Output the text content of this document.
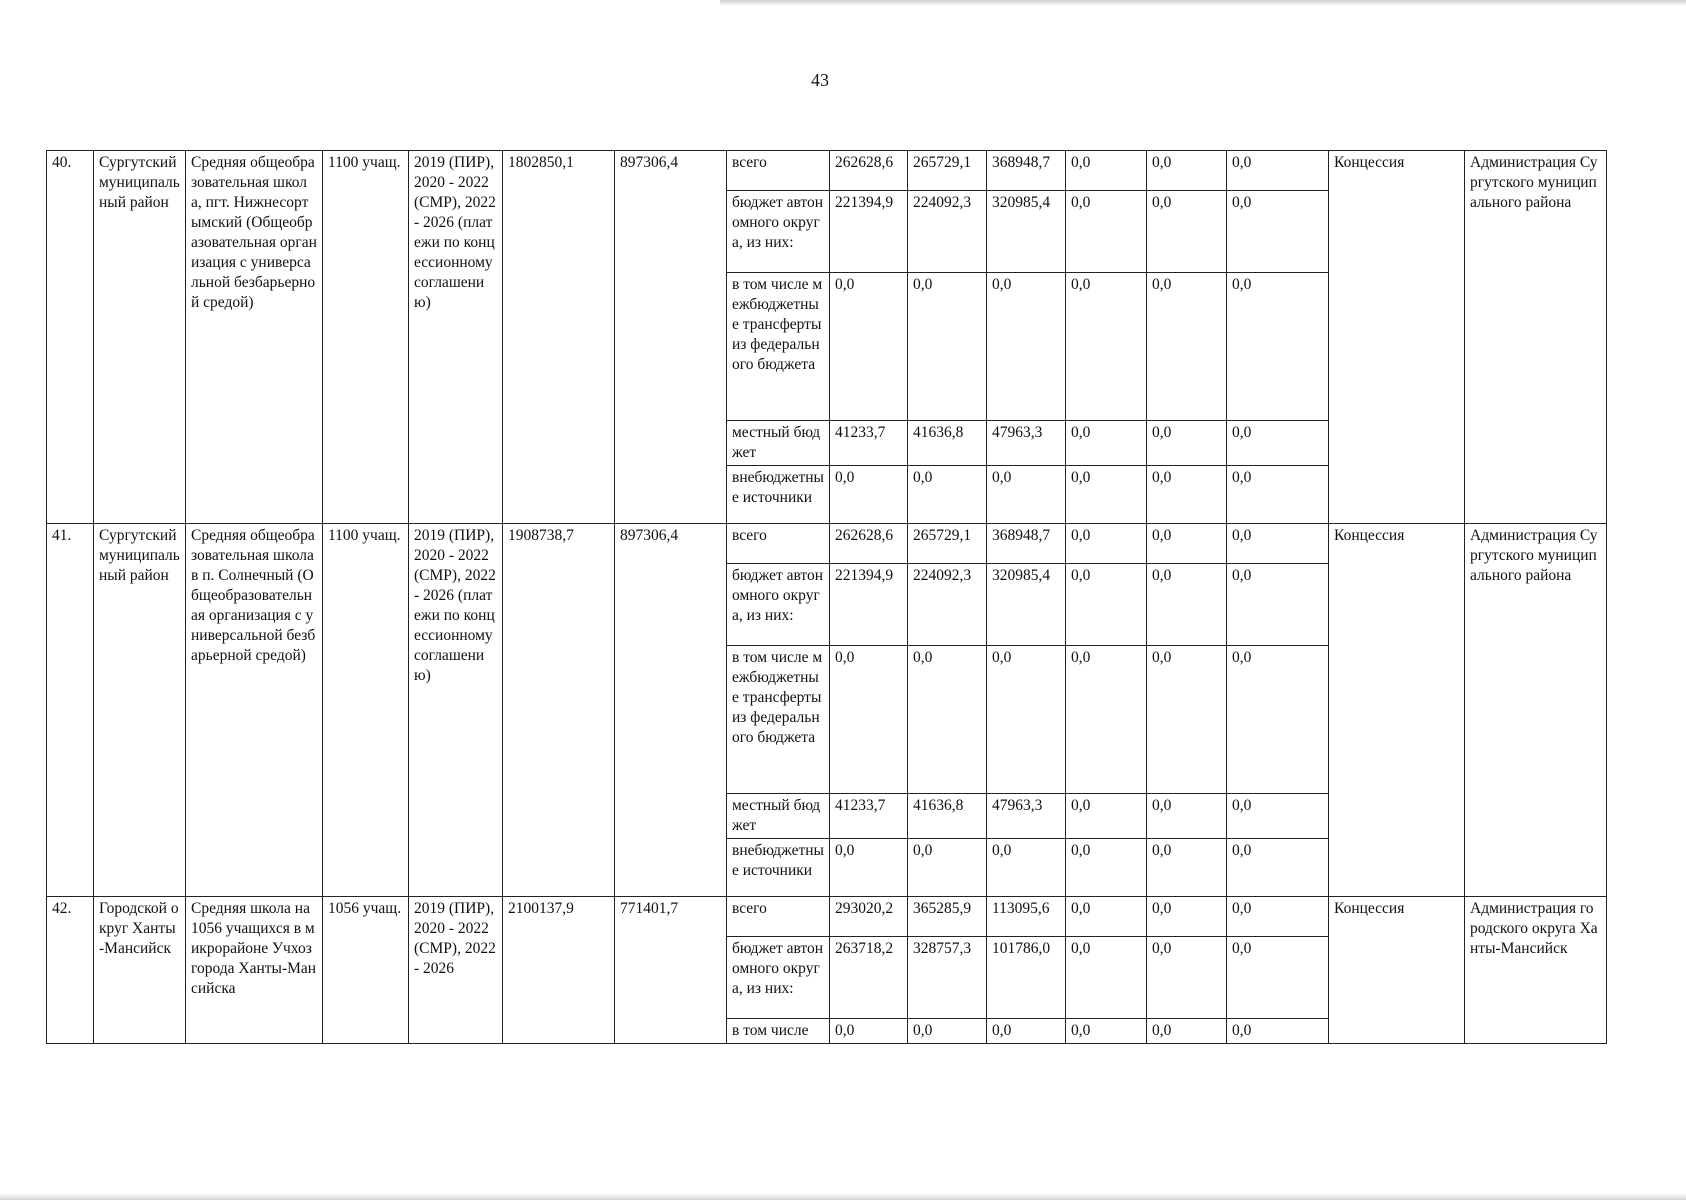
43
40.	Сургутский муниципальный район	Средняя общеобразовательная школа, пгт. Нижнесортымский (Общеобразовательная организация с универсальной безбарьерной средой)	1100 учащ.	2019 (ПИР), 2020 - 2022 (СМР), 2022 - 2026 (платежи по концессионному соглашению)	1802850,1	897306,4	всего	262628,6	265729,1	368948,7	0,0	0,0	0,0	Концессия	Администрация Сургутского муниципального района
							бюджет автономного округа, из них:	221394,9	224092,3	320985,4	0,0	0,0	0,0		
							в том числе межбюджетные трансферты из федерального бюджета	0,0	0,0	0,0	0,0	0,0	0,0		
							местный бюджет	41233,7	41636,8	47963,3	0,0	0,0	0,0		
							внебюджетные источники	0,0	0,0	0,0	0,0	0,0	0,0		
41.	Сургутский муниципальный район	Средняя общеобразовательная школа в п. Солнечный (Общеобразовательная организация с универсальной безбарьерной средой)	1100 учащ.	2019 (ПИР), 2020 - 2022 (СМР), 2022 - 2026 (платежи по концессионному соглашению)	1908738,7	897306,4	всего	262628,6	265729,1	368948,7	0,0	0,0	0,0	Концессия	Администрация Сургутского муниципального района
							бюджет автономного округа, из них:	221394,9	224092,3	320985,4	0,0	0,0	0,0		
							в том числе межбюджетные трансферты из федерального бюджета	0,0	0,0	0,0	0,0	0,0	0,0		
							местный бюджет	41233,7	41636,8	47963,3	0,0	0,0	0,0		
							внебюджетные источники	0,0	0,0	0,0	0,0	0,0	0,0		
42.	Городской округ Ханты-Мансийск	Средняя школа на 1056 учащихся в микрорайоне Учхоз города Ханты-Мансийска	1056 учащ.	2019 (ПИР), 2020 - 2022 (СМР), 2022 - 2026	2100137,9	771401,7	всего	293020,2	365285,9	113095,6	0,0	0,0	0,0	Концессия	Администрация городского округа Ханты-Мансийск
							бюджет автономного округа, из них:	263718,2	328757,3	101786,0	0,0	0,0	0,0		
							в том числе	0,0	0,0	0,0	0,0	0,0	0,0		
